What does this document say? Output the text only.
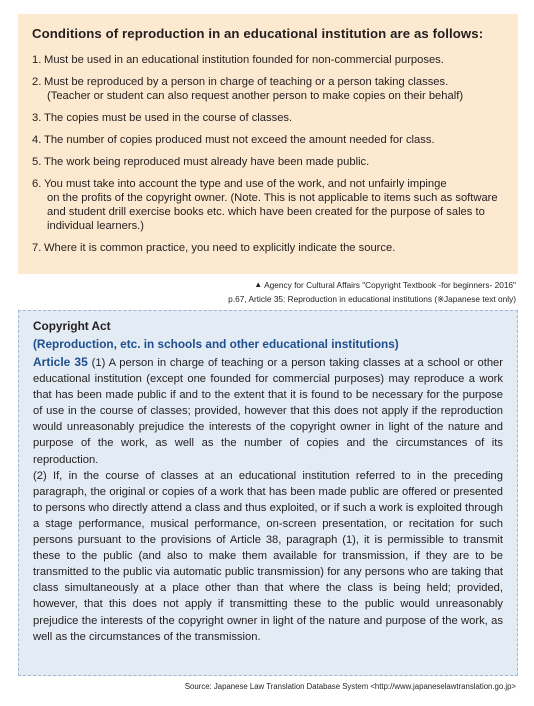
Conditions of reproduction in an educational institution are as follows:
1. Must be used in an educational institution founded for non-commercial purposes.
2. Must be reproduced by a person in charge of teaching or a person taking classes.
(Teacher or student can also request another person to make copies on their behalf)
3. The copies must be used in the course of classes.
4. The number of copies produced must not exceed the amount needed for class.
5. The work being reproduced must already have been made public.
6. You must take into account the type and use of the work, and not unfairly impinge
on the profits of the copyright owner. (Note. This is not applicable to items such as software and student drill exercise books etc. which have been created for the purpose of sales to individual learners.)
7. Where it is common practice, you need to explicitly indicate the source.
▲ Agency for Cultural Affairs "Copyright Textbook -for beginners- 2016"
p.67, Article 35: Reproduction in educational institutions (※Japanese text only)
Copyright Act
(Reproduction, etc. in schools and other educational institutions)

Article 35 (1) A person in charge of teaching or a person taking classes at a school or other educational institution (except one founded for commercial purposes) may reproduce a work that has been made public if and to the extent that it is found to be necessary for the purpose of use in the course of classes; provided, however that this does not apply if the reproduction would unreasonably prejudice the interests of the copyright owner in light of the nature and purpose of the work, as well as the number of copies and the circumstances of its reproduction.

(2) If, in the course of classes at an educational institution referred to in the preceding paragraph, the original or copies of a work that has been made public are offered or presented to persons who directly attend a class and thus exploited, or if such a work is exploited through a stage performance, musical performance, on-screen presentation, or recitation for such persons pursuant to the provisions of Article 38, paragraph (1), it is permissible to transmit these to the public (and also to make them available for transmission, if they are to be transmitted to the public via automatic public transmission) for any persons who are taking that class simultaneously at a place other than that where the class is being held; provided, however, that this does not apply if transmitting these to the public would unreasonably prejudice the interests of the copyright owner in light of the nature and purpose of the work, as well as the circumstances of the transmission.

Source: Japanese Law Translation Database System <http://www.japaneselawtranslation.go.jp>
